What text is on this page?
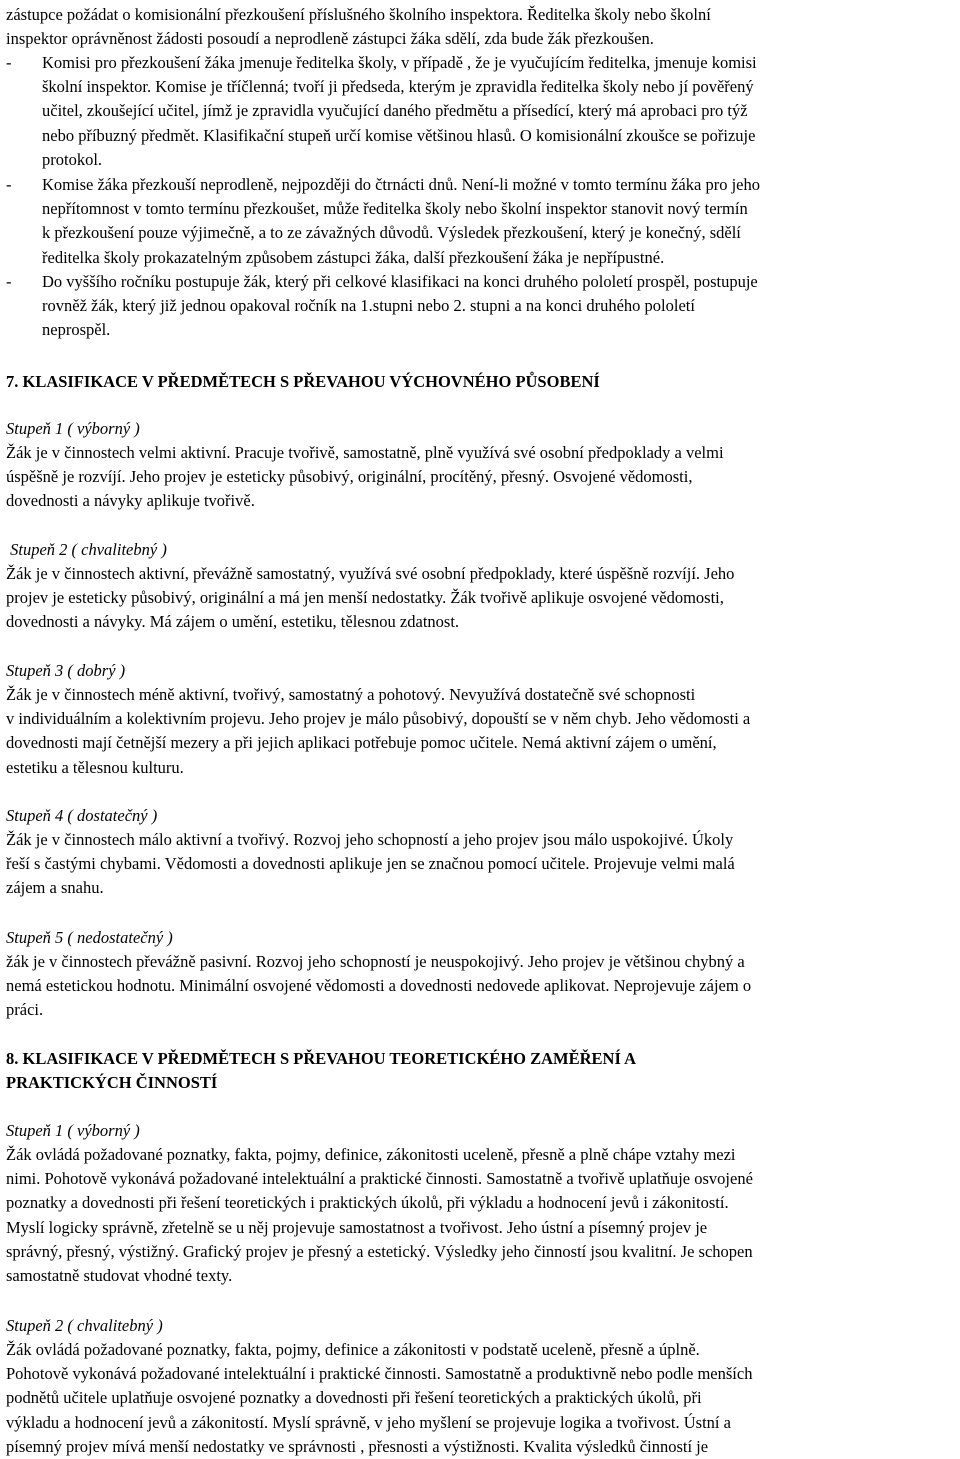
zástupce požádat o komisionální přezkoušení příslušného školního inspektora. Ředitelka školy nebo školní
inspektor oprávněnost žádosti posoudí a neprodleně zástupci žáka sdělí, zda bude žák přezkoušen.

- Komisi pro přezkoušení žáka jmenuje ředitelka školy, v případě , že je vyučujícím ředitelka, jmenuje komisi
školní inspektor. Komise je tříčlenná; tvoří ji předseda, kterým je zpravidla ředitelka školy nebo jí pověřený
učitel, zkoušející učitel, jímž je zpravidla vyučující daného předmětu a přísedící, který má aprobaci pro týž
nebo příbuzný předmět. Klasifikační stupeň určí komise většinou hlasů. O komisionální zkoušce se pořizuje
protokol.

- Komise žáka přezkouší neprodleně, nejpozději do čtrnácti dnů. Není-li možné v tomto termínu žáka pro jeho
nepřítomnost v tomto termínu přezkoušet, může ředitelka školy nebo školní inspektor stanovit nový termín
k přezkoušení pouze výjimečně, a to ze závažných důvodů. Výsledek přezkoušení, který je konečný, sdělí
ředitelka školy prokazatelným způsobem zástupci žáka, další přezkoušení žáka je nepřípustné.

- Do vyššího ročníku postupuje žák, který při celkové klasifikaci na konci druhého pololetí prospěl, postupuje
rovněž žák, který již jednou opakoval ročník na 1.stupni nebo 2. stupni a na konci druhého pololetí
neprospěl.

7. KLASIFIKACE V PŘEDMĚTECH S PŘEVAHOU VÝCHOVNÉHO PŮSOBENÍ

Stupeň 1 ( výborný )

Žák je v činnostech velmi aktivní. Pracuje tvořivě, samostatně, plně využívá své osobní předpoklady a velmi
úspěšně je rozvíjí. Jeho projev je esteticky působivý, originální, procítěný, přesný. Osvojené vědomosti,
dovednosti a návyky aplikuje tvořivě.

Stupeň 2 ( chvalitebný )

Žák je v činnostech aktivní, převážně samostatný, využívá své osobní předpoklady, které úspěšně rozvíjí. Jeho
projev je esteticky působivý, originální a má jen menší nedostatky. Žák tvořivě aplikuje osvojené vědomosti,
dovednosti a návyky. Má zájem o umění, estetiku, tělesnou zdatnost.

Stupeň 3 ( dobrý )

Žák je v činnostech méně aktivní, tvořivý, samostatný a pohotový. Nevyužívá dostatečně své schopnosti
v individuálním a kolektivním projevu. Jeho projev je málo působivý, dopouští se v něm chyb. Jeho vědomosti a
dovednosti mají četnější mezery a při jejich aplikaci potřebuje pomoc učitele. Nemá aktivní zájem o umění,
estetiku a tělesnou kulturu.

Stupeň 4 ( dostatečný )

Žák je v činnostech málo aktivní a tvořivý. Rozvoj jeho schopností a jeho projev jsou málo uspokojivé. Úkoly
řeší s častými chybami. Vědomosti a dovednosti aplikuje jen se značnou pomocí učitele. Projevuje velmi malá
zájem a snahu.

Stupeň 5 ( nedostatečný )

žák je v činnostech převážně pasivní. Rozvoj jeho schopností je neuspokojivý. Jeho projev je většinou chybný a
nemá estetickou hodnotu. Minimální osvojené vědomosti a dovednosti nedovede aplikovat. Neprojevuje zájem o
práci.

8. KLASIFIKACE V PŘEDMĚTECH S PŘEVAHOU TEORETICKÉHO ZAMĚŘENÍ A
PRAKTICKÝCH ČINNOSTÍ

Stupeň 1 ( výborný )

Žák ovládá požadované poznatky, fakta, pojmy, definice, zákonitosti uceleně, přesně a plně chápe vztahy mezi
nimi. Pohotově vykonává požadované intelektuální a praktické činnosti. Samostatně a tvořivě uplatňuje osvojené
poznatky a dovednosti při řešení teoretických i praktických úkolů, při výkladu a hodnocení jevů i zákonitostí.
Myslí logicky správně, zřetelně se u něj projevuje samostatnost a tvořivost. Jeho ústní a písemný projev je
správný, přesný, výstižný. Grafický projev je přesný a estetický. Výsledky jeho činností jsou kvalitní. Je schopen
samostatně studovat vhodné texty.

Stupeň 2 ( chvalitebný )

Žák ovládá požadované poznatky, fakta, pojmy, definice a zákonitosti v podstatě uceleně, přesně a úplně.
Pohotově vykonává požadované intelektuální i praktické činnosti. Samostatně a produktivně nebo podle menších
podnětů učitele uplatňuje osvojené poznatky a dovednosti při řešení teoretických a praktických úkolů, při
výkladu a hodnocení jevů a zákonitostí. Myslí správně, v jeho myšlení se projevuje logika a tvořivost. Ústní a
písemný projev mívá menší nedostatky ve správnosti , přesnosti a výstižnosti. Kvalita výsledků činností je
